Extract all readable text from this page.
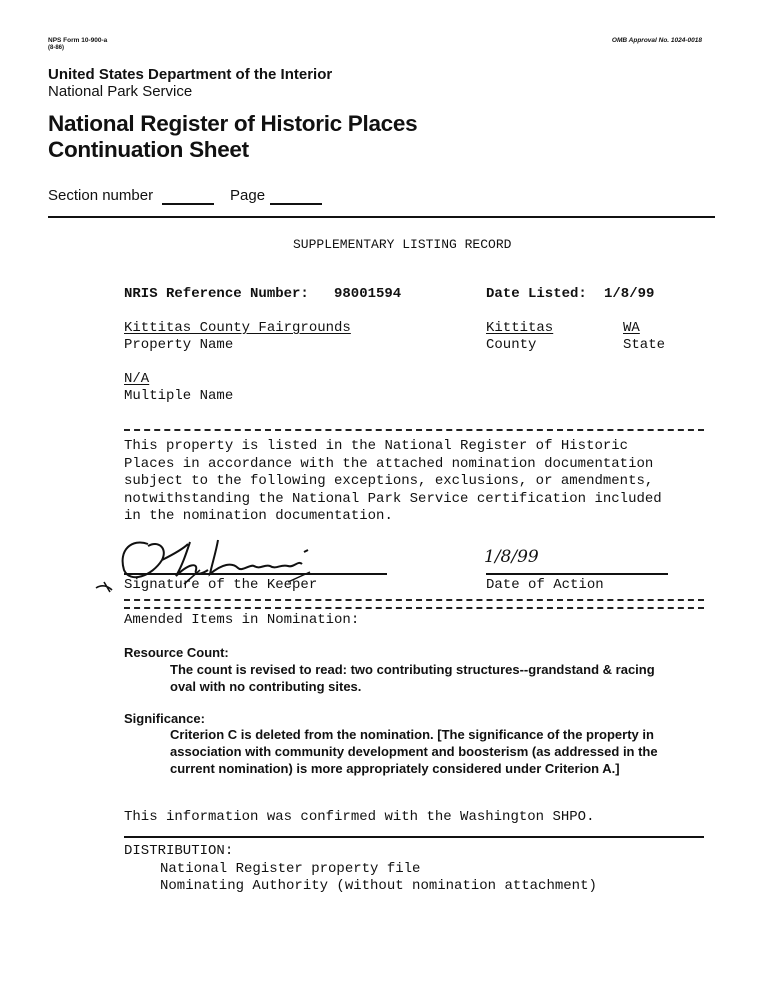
NPS Form 10-900-a
(8-86)
OMB Approval No. 1024-0018
United States Department of the Interior
National Park Service
National Register of Historic Places
Continuation Sheet
Section number	Page
SUPPLEMENTARY LISTING RECORD
NRIS Reference Number: 98001594	Date Listed: 1/8/99
Kittitas County Fairgrounds
Property Name
Kittitas
County
WA
State
N/A
Multiple Name
This property is listed in the National Register of Historic
Places in accordance with the attached nomination documentation
subject to the following exceptions, exclusions, or amendments,
notwithstanding the National Park Service certification included
in the nomination documentation.
Signature of the Keeper
1/8/99
Date of Action
Amended Items in Nomination:
Resource Count:
The count is revised to read: two contributing structures--grandstand & racing
oval with no contributing sites.
Significance:
Criterion C is deleted from the nomination. [The significance of the property in
association with community development and boosterism (as addressed in the
current nomination) is more appropriately considered under Criterion A.]
This information was confirmed with the Washington SHPO.
DISTRIBUTION:
National Register property file
Nominating Authority (without nomination attachment)
